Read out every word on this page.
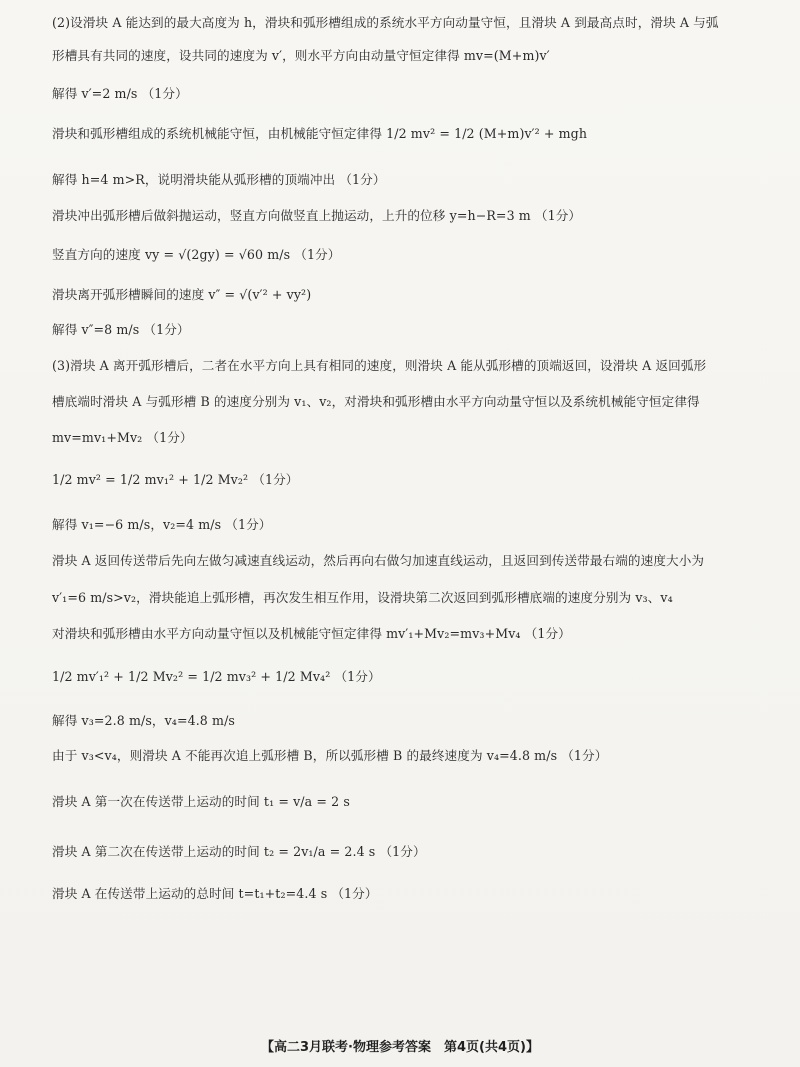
(2)设滑块 A 能达到的最大高度为 h，滑块和弧形槽组成的系统水平方向动量守恒，且滑块 A 到最高点时，滑块 A 与弧
形槽具有共同的速度，设共同的速度为 v′，则水平方向由动量守恒定律得 mv=(M+m)v′
解得 v′=2 m/s （1分）
滑块和弧形槽组成的系统机械能守恒，由机械能守恒定律得 1/2 mv² = 1/2 (M+m)v′² + mgh
解得 h=4 m>R，说明滑块能从弧形槽的顶端冲出 （1分）
滑块冲出弧形槽后做斜抛运动，竖直方向做竖直上抛运动，上升的位移 y=h−R=3 m （1分）
竖直方向的速度 vy = √(2gy) = √60 m/s （1分）
滑块离开弧形槽瞬间的速度 v″ = √(v′² + vy²)
解得 v″=8 m/s （1分）
(3)滑块 A 离开弧形槽后，二者在水平方向上具有相同的速度，则滑块 A 能从弧形槽的顶端返回，设滑块 A 返回弧形
槽底端时滑块 A 与弧形槽 B 的速度分别为 v₁、v₂，对滑块和弧形槽由水平方向动量守恒以及系统机械能守恒定律得
mv=mv₁+Mv₂ （1分）
1/2 mv² = 1/2 mv₁² + 1/2 Mv₂² （1分）
解得 v₁=−6 m/s，v₂=4 m/s （1分）
滑块 A 返回传送带后先向左做匀减速直线运动，然后再向右做匀加速直线运动，且返回到传送带最右端的速度大小为
v′₁=6 m/s>v₂，滑块能追上弧形槽，再次发生相互作用，设滑块第二次返回到弧形槽底端的速度分别为 v₃、v₄
对滑块和弧形槽由水平方向动量守恒以及机械能守恒定律得 mv′₁+Mv₂=mv₃+Mv₄ （1分）
1/2 mv′₁² + 1/2 Mv₂² = 1/2 mv₃² + 1/2 Mv₄² （1分）
解得 v₃=2.8 m/s，v₄=4.8 m/s
由于 v₃<v₄，则滑块 A 不能再次追上弧形槽 B，所以弧形槽 B 的最终速度为 v₄=4.8 m/s （1分）
滑块 A 第一次在传送带上运动的时间 t₁ = v/a = 2 s
滑块 A 第二次在传送带上运动的时间 t₂ = 2v₁/a = 2.4 s （1分）
滑块 A 在传送带上运动的总时间 t=t₁+t₂=4.4 s （1分）
【高二3月联考·物理参考答案　第4页(共4页)】
